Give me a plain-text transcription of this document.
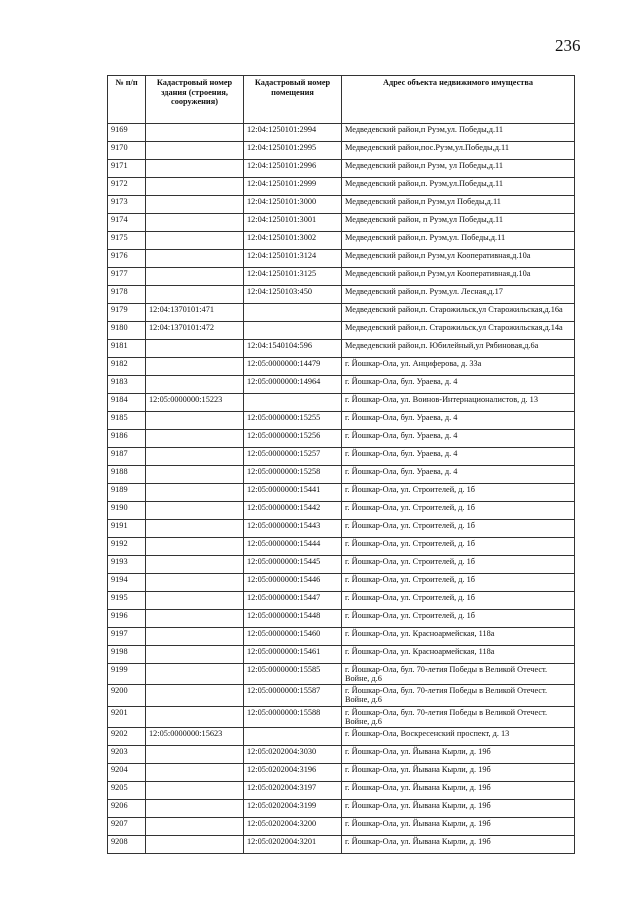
236
№ п/п	Кадастровый номер здания (строения, сооружения)	Кадастровый номер помещения	Адрес объекта недвижимого имущества
9169		12:04:1250101:2994	Медведевский район,п Руэм,ул. Победы,д.11
9170		12:04:1250101:2995	Медведевский район,пос.Руэм,ул.Победы,д.11
9171		12:04:1250101:2996	Медведевский район,п Руэм, ул Победы,д.11
9172		12:04:1250101:2999	Медведевский район,п. Руэм,ул.Победы,д.11
9173		12:04:1250101:3000	Медведевский район,п Руэм,ул Победы,д.11
9174		12:04:1250101:3001	Медведевский район, п Руэм,ул Победы,д.11
9175		12:04:1250101:3002	Медведевский район,п. Руэм,ул. Победы,д.11
9176		12:04:1250101:3124	Медведевский район,п Руэм,ул Кооперативная,д.10а
9177		12:04:1250101:3125	Медведевский район,п Руэм,ул Кооперативная,д.10а
9178		12:04:1250103:450	Медведевский район,п. Руэм,ул. Лесная,д.17
9179	12:04:1370101:471		Медведевский район,п. Старожильск,ул Старожильская,д.16а
9180	12:04:1370101:472		Медведевский район,п. Старожильск,ул Старожильская,д.14а
9181		12:04:1540104:596	Медведевский район,п. Юбилейный,ул Рябиновая,д.6а
9182		12:05:0000000:14479	г. Йошкар-Ола, ул. Анциферова, д. 33а
9183		12:05:0000000:14964	г. Йошкар-Ола, бул. Ураева, д. 4
9184	12:05:0000000:15223		г. Йошкар-Ола, ул. Воинов-Интернационалистов, д. 13
9185		12:05:0000000:15255	г. Йошкар-Ола, бул. Ураева, д. 4
9186		12:05:0000000:15256	г. Йошкар-Ола, бул. Ураева, д. 4
9187		12:05:0000000:15257	г. Йошкар-Ола, бул. Ураева, д. 4
9188		12:05:0000000:15258	г. Йошкар-Ола, бул. Ураева, д. 4
9189		12:05:0000000:15441	г. Йошкар-Ола, ул. Строителей, д. 1б
9190		12:05:0000000:15442	г. Йошкар-Ола, ул. Строителей, д. 1б
9191		12:05:0000000:15443	г. Йошкар-Ола, ул. Строителей, д. 1б
9192		12:05:0000000:15444	г. Йошкар-Ола, ул. Строителей, д. 1б
9193		12:05:0000000:15445	г. Йошкар-Ола, ул. Строителей, д. 1б
9194		12:05:0000000:15446	г. Йошкар-Ола, ул. Строителей, д. 1б
9195		12:05:0000000:15447	г. Йошкар-Ола, ул. Строителей, д. 1б
9196		12:05:0000000:15448	г. Йошкар-Ола, ул. Строителей, д. 1б
9197		12:05:0000000:15460	г. Йошкар-Ола, ул. Красноармейская, 118а
9198		12:05:0000000:15461	г. Йошкар-Ола, ул. Красноармейская, 118а
9199		12:05:0000000:15585	г. Йошкар-Ола, бул. 70-летия Победы в Великой Отечест. Войне, д.6
9200		12:05:0000000:15587	г. Йошкар-Ола, бул. 70-летия Победы в Великой Отечест. Войне, д.6
9201		12:05:0000000:15588	г. Йошкар-Ола, бул. 70-летия Победы в Великой Отечест. Войне, д.6
9202	12:05:0000000:15623		г. Йошкар-Ола, Воскресенский проспект, д. 13
9203		12:05:0202004:3030	г. Йошкар-Ола, ул. Йывана Кырли, д. 19б
9204		12:05:0202004:3196	г. Йошкар-Ола, ул. Йывана Кырли, д. 19б
9205		12:05:0202004:3197	г. Йошкар-Ола, ул. Йывана Кырли, д. 19б
9206		12:05:0202004:3199	г. Йошкар-Ола, ул. Йывана Кырли, д. 19б
9207		12:05:0202004:3200	г. Йошкар-Ола, ул. Йывана Кырли, д. 19б
9208		12:05:0202004:3201	г. Йошкар-Ола, ул. Йывана Кырли, д. 19б
